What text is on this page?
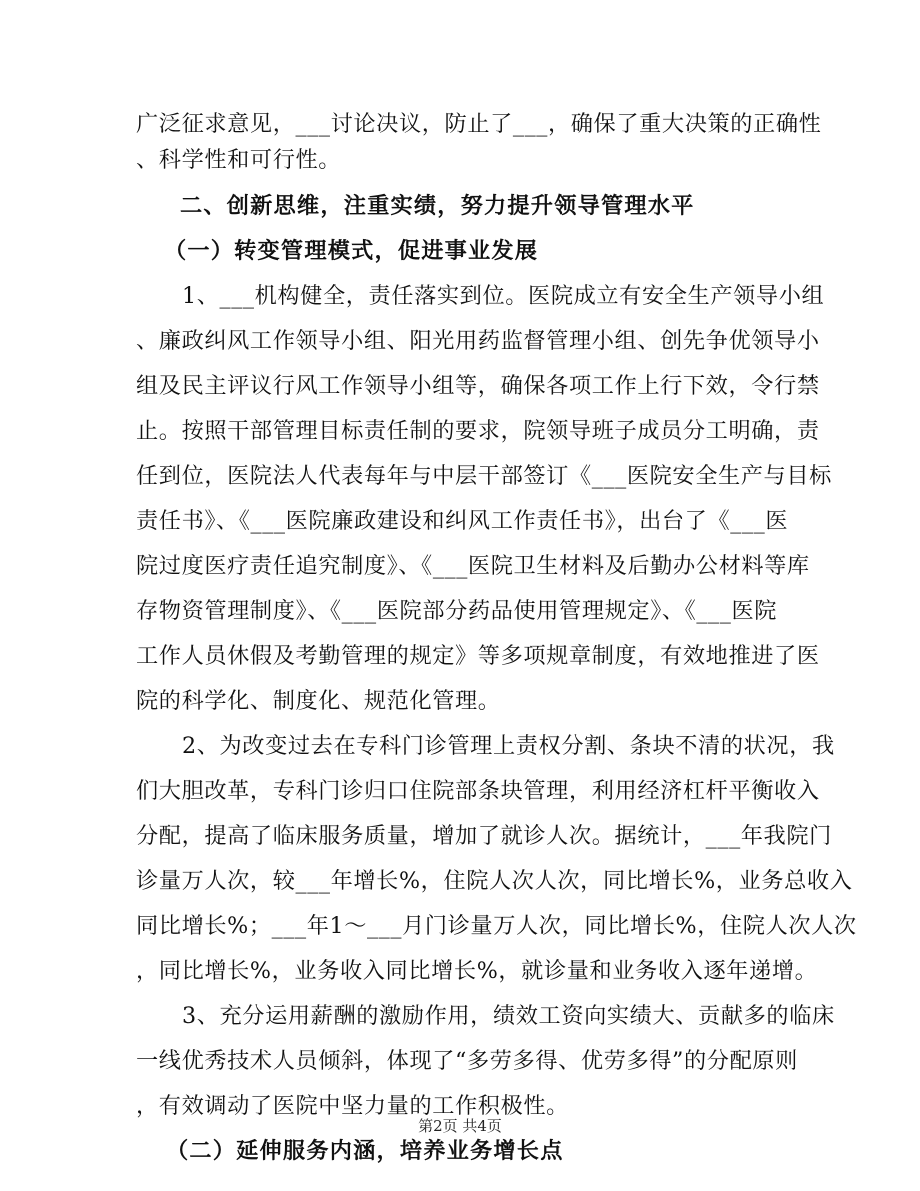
广泛征求意见，___讨论决议，防止了___，确保了重大决策的正确性
、科学性和可行性。
二、创新思维，注重实绩，努力提升领导管理水平
（一）转变管理模式，促进事业发展
1、___机构健全，责任落实到位。医院成立有安全生产领导小组
、廉政纠风工作领导小组、阳光用药监督管理小组、创先争优领导小
组及民主评议行风工作领导小组等，确保各项工作上行下效，令行禁
止。按照干部管理目标责任制的要求，院领导班子成员分工明确，责
任到位，医院法人代表每年与中层干部签订《___医院安全生产与目标
责任书》、《___医院廉政建设和纠风工作责任书》，出台了《___医
院过度医疗责任追究制度》、《___医院卫生材料及后勤办公材料等库
存物资管理制度》、《___医院部分药品使用管理规定》、《___医院
工作人员休假及考勤管理的规定》等多项规章制度，有效地推进了医
院的科学化、制度化、规范化管理。
2、为改变过去在专科门诊管理上责权分割、条块不清的状况，我
们大胆改革，专科门诊归口住院部条块管理，利用经济杠杆平衡收入
分配，提高了临床服务质量，增加了就诊人次。据统计，___年我院门
诊量万人次，较___年增长%，住院人次人次，同比增长%，业务总收入
同比增长%；___年1～___月门诊量万人次，同比增长%，住院人次人次
，同比增长%，业务收入同比增长%，就诊量和业务收入逐年递增。
3、充分运用薪酬的激励作用，绩效工资向实绩大、贡献多的临床
一线优秀技术人员倾斜，体现了“多劳多得、优劳多得”的分配原则
，有效调动了医院中坚力量的工作积极性。
（二）延伸服务内涵，培养业务增长点
第2页 共4页
